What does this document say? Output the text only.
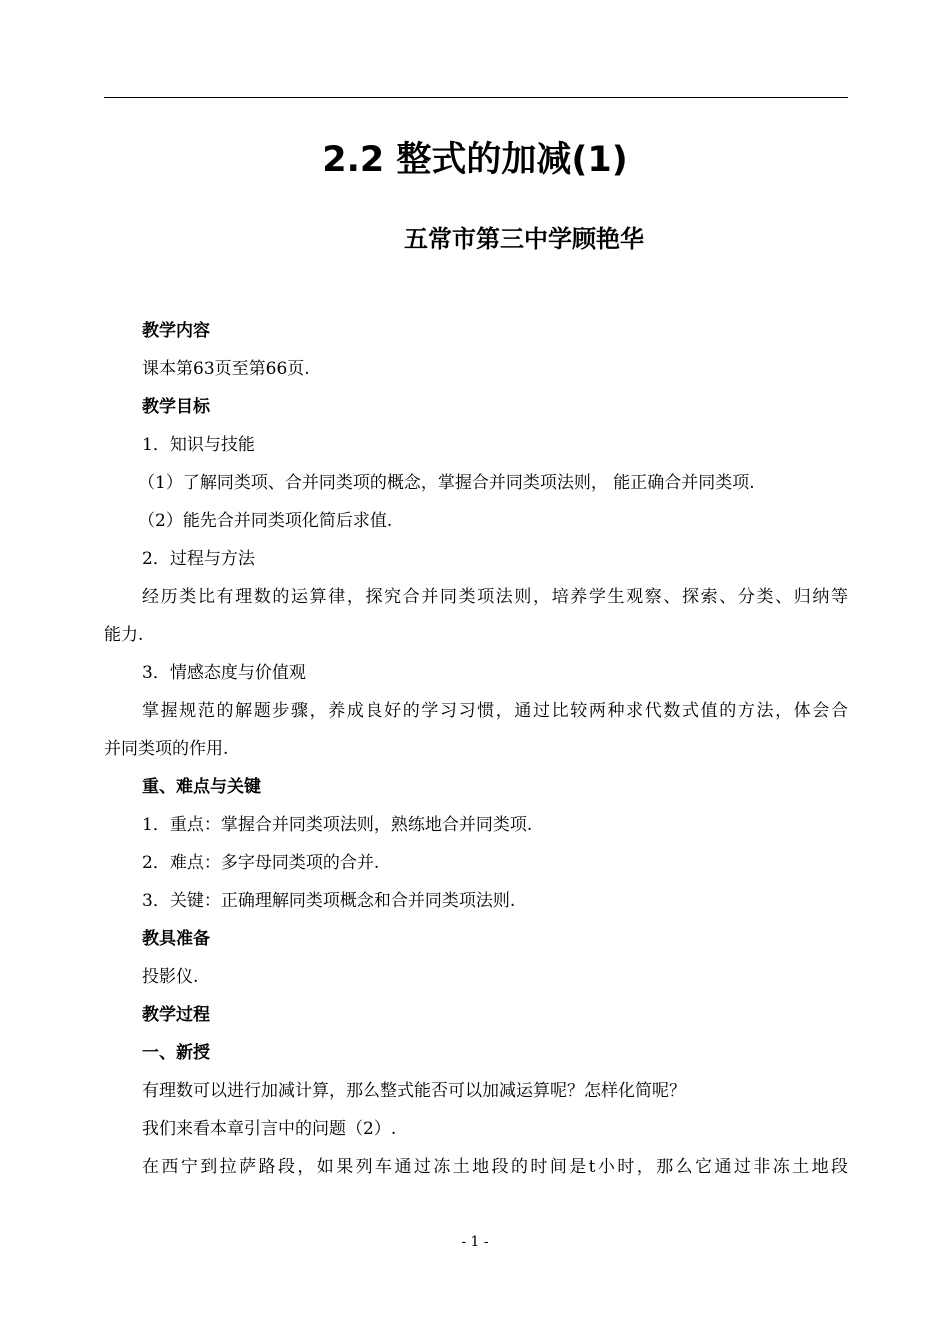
2.2 整式的加减(1)
五常市第三中学顾艳华
教学内容
课本第63页至第66页.
教学目标
1．知识与技能
（1）了解同类项、合并同类项的概念，掌握合并同类项法则， 能正确合并同类项.
（2）能先合并同类项化简后求值.
2．过程与方法
经历类比有理数的运算律，探究合并同类项法则，培养学生观察、探索、分类、归纳等
能力.
3．情感态度与价值观
掌握规范的解题步骤，养成良好的学习习惯，通过比较两种求代数式值的方法，体会合
并同类项的作用.
重、难点与关键
1．重点：掌握合并同类项法则，熟练地合并同类项.
2．难点：多字母同类项的合并.
3．关键：正确理解同类项概念和合并同类项法则.
教具准备
投影仪.
教学过程
一、新授
有理数可以进行加减计算，那么整式能否可以加减运算呢？怎样化简呢？
我们来看本章引言中的问题（2）.
在西宁到拉萨路段，如果列车通过冻土地段的时间是t小时，那么它通过非冻土地段
- 1 -
